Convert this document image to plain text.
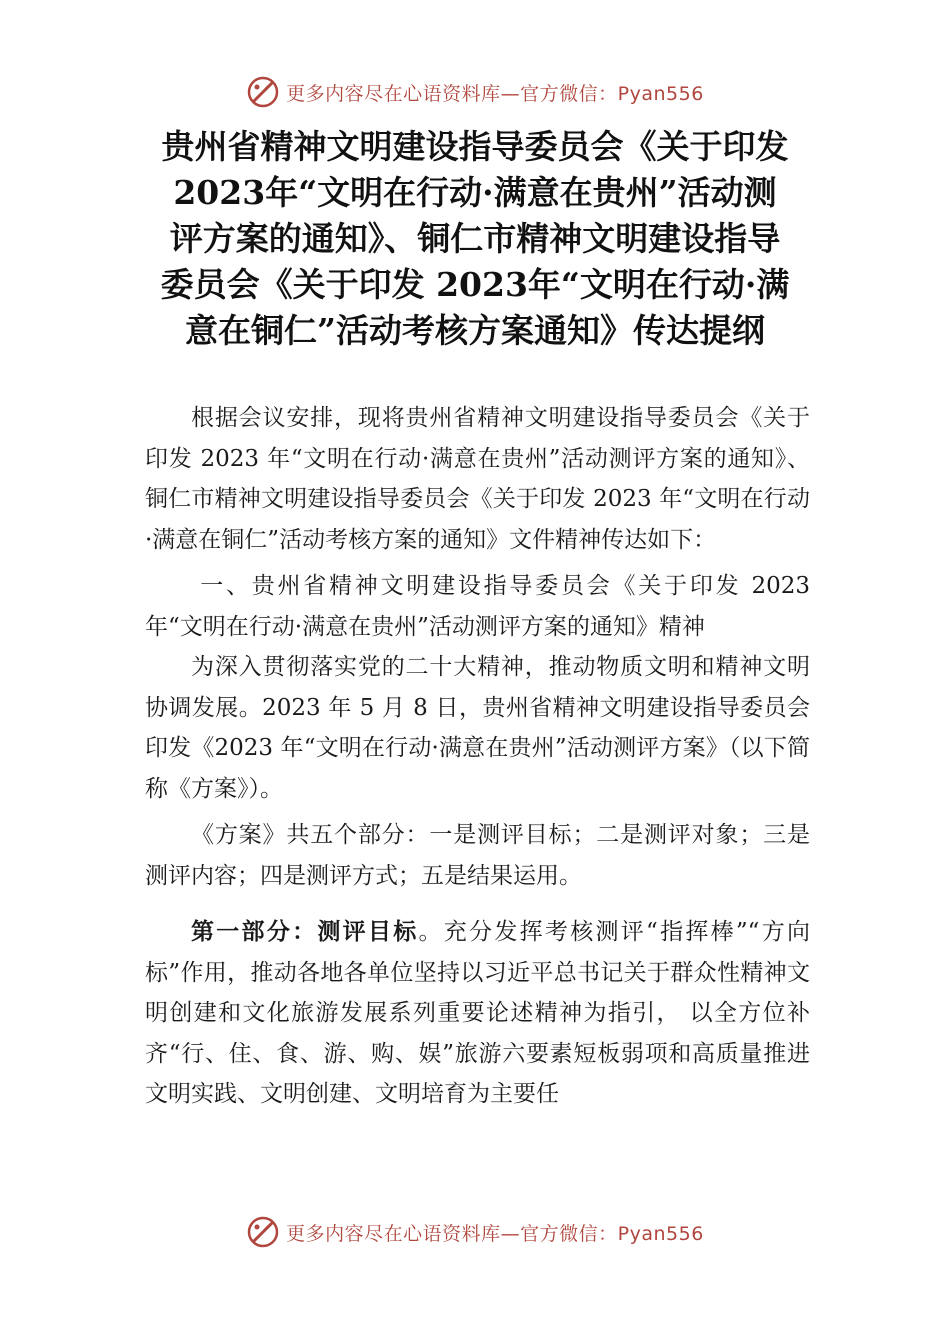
更多内容尽在心语资料库—官方微信：Pyan556
贵州省精神文明建设指导委员会《关于印发
2023年“文明在行动·满意在贵州”活动测
评方案的通知》、铜仁市精神文明建设指导
委员会《关于印发 2023年“文明在行动·满
意在铜仁”活动考核方案通知》传达提纲

根据会议安排，现将贵州省精神文明建设指导委员会《关于印发 2023 年“文明在行动·满意在贵州”活动测评方案的通知》、铜仁市精神文明建设指导委员会《关于印发 2023 年“文明在行动·满意在铜仁”活动考核方案的通知》文件精神传达如下：

一、贵州省精神文明建设指导委员会《关于印发 2023 年“文明在行动·满意在贵州”活动测评方案的通知》精神

为深入贯彻落实党的二十大精神，推动物质文明和精神文明协调发展。2023 年 5 月 8 日，贵州省精神文明建设指导委员会印发《2023 年“文明在行动·满意在贵州”活动测评方案》（以下简称《方案》）。

《方案》共五个部分：一是测评目标；二是测评对象；三是测评内容；四是测评方式；五是结果运用。

第一部分：测评目标。充分发挥考核测评“指挥棒”“方向标”作用，推动各地各单位坚持以习近平总书记关于群众性精神文明创建和文化旅游发展系列重要论述精神为指引， 以全方位补齐“行、住、食、游、购、娱”旅游六要素短板弱项和高质量推进文明实践、文明创建、文明培育为主要任

更多内容尽在心语资料库—官方微信：Pyan556
